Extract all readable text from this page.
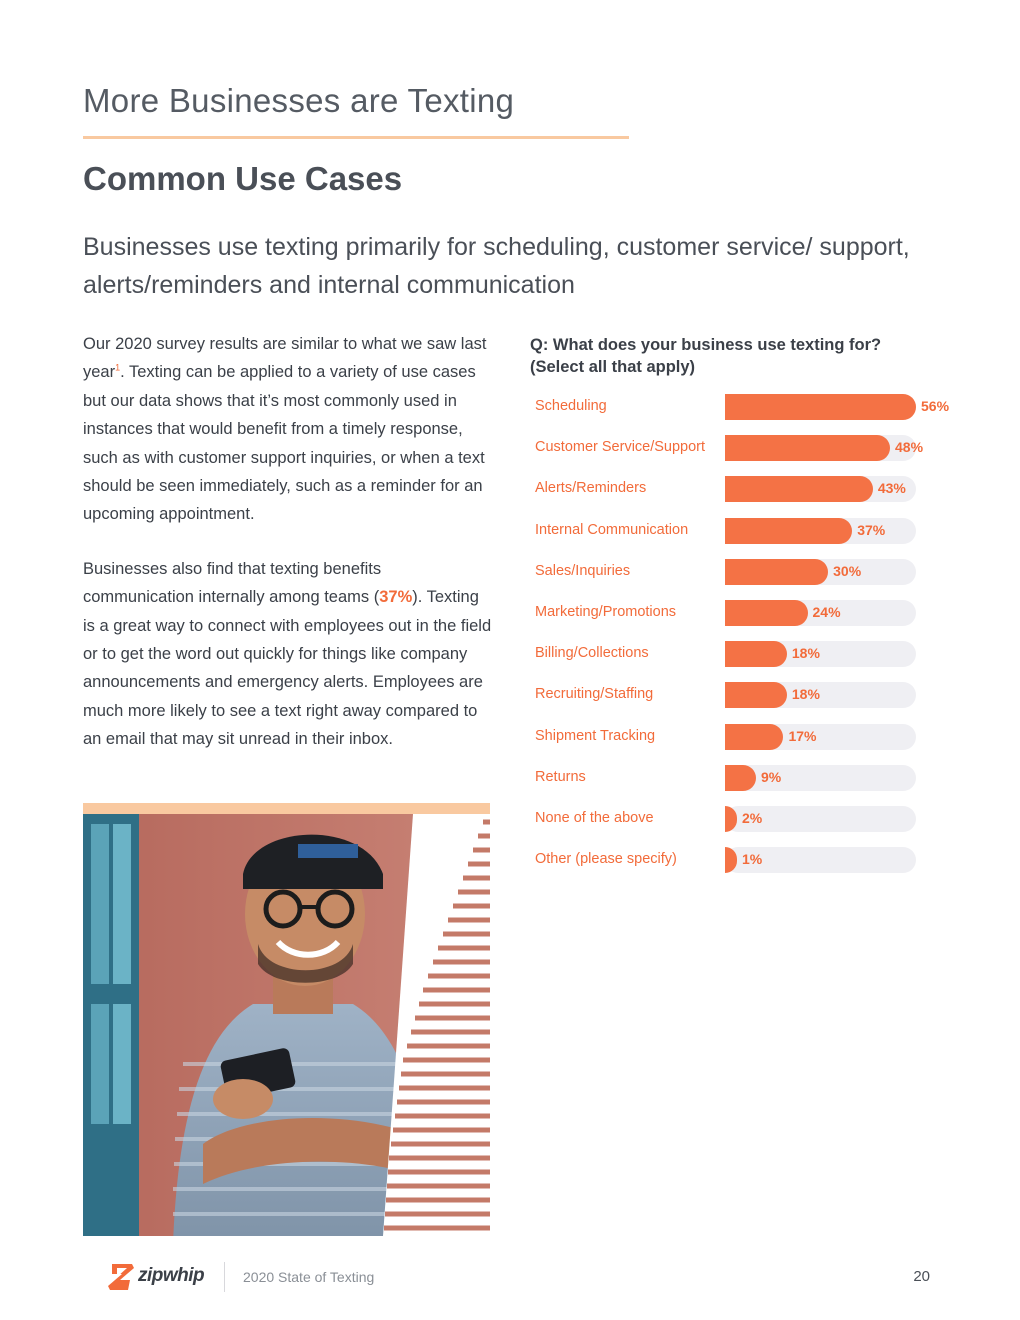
More Businesses are Texting
Common Use Cases
Businesses use texting primarily for scheduling, customer service/ support, alerts/reminders and internal communication

Our 2020 survey results are similar to what we saw last year$^1$. Texting can be applied to a variety of use cases but our data shows that it’s most commonly used in instances that would benefit from a timely response, such as with customer support inquiries, or when a text should be seen immediately, such as a reminder for an upcoming appointment.

Businesses also find that texting benefits communication internally among teams (37%). Texting is a great way to connect with employees out in the field or to get the word out quickly for things like company announcements and emergency alerts. Employees are much more likely to see a text right away compared to an email that may sit unread in their inbox.

Q: What does your business use texting for? (Select all that apply)
Scheduling	56%
Customer Service/Support	48%
Alerts/Reminders	43%
Internal Communication	37%
Sales/Inquiries	30%
Marketing/Promotions	24%
Billing/Collections	18%
Recruiting/Staffing	18%
Shipment Tracking	17%
Returns	9%
None of the above	2%
Other (please specify)	1%
zipwhip	2020 State of Texting	20
